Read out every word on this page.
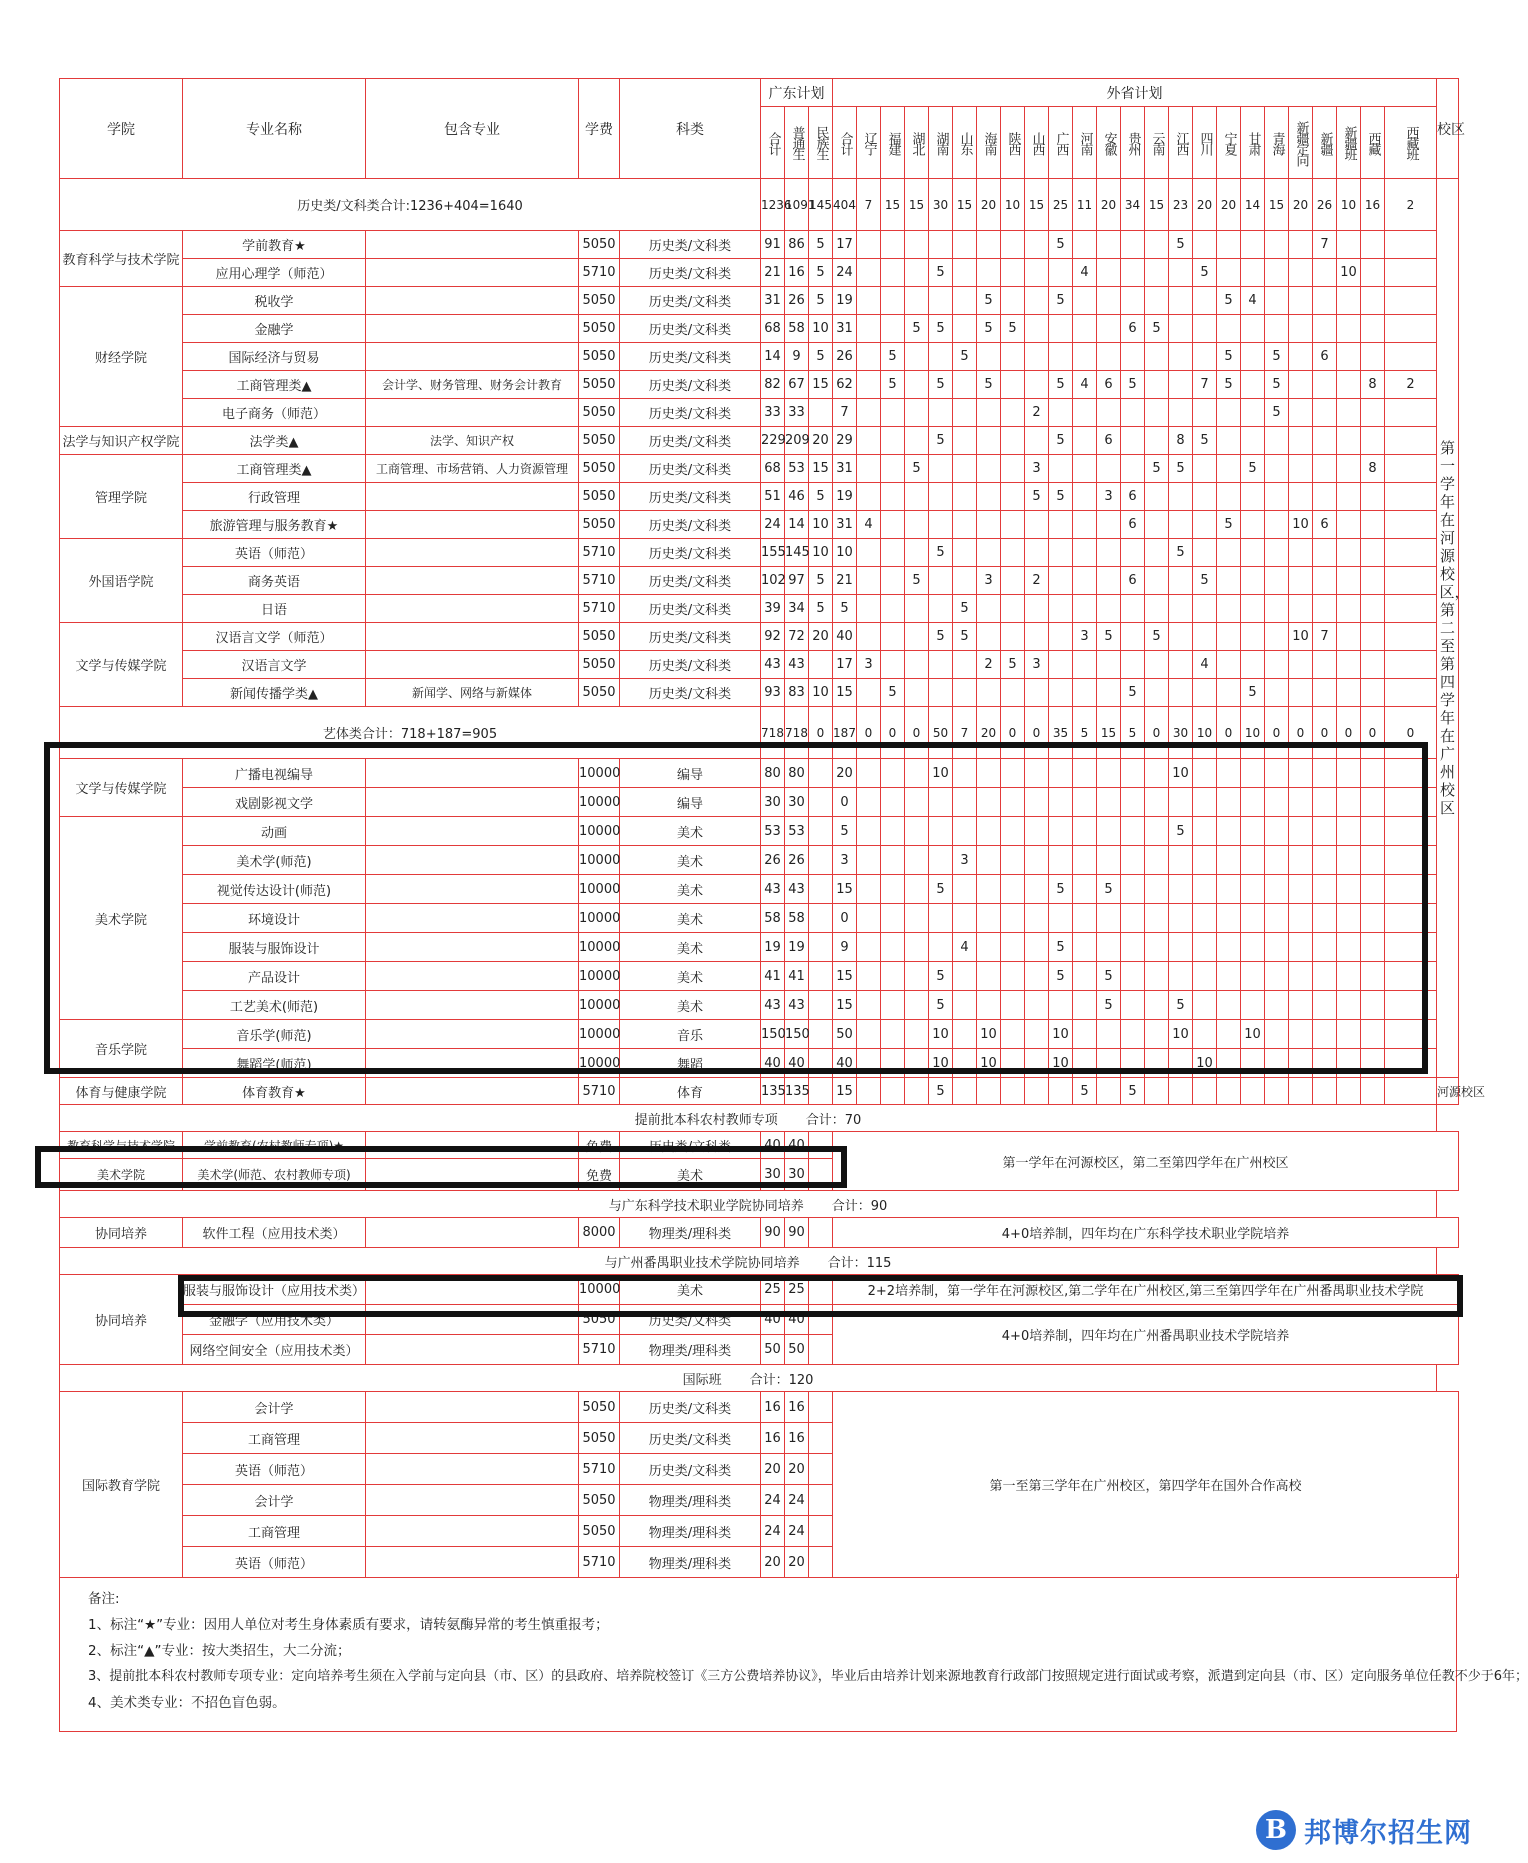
学院	专业名称	包含专业	学费	科类	广东计划			外省计划																								校区
					合计	普通生	民族生	合计	辽宁	福建	湖北	湖南	山东	海南	陕西	山西	广西	河南	安徽	贵州	云南	江西	四川	宁夏	甘肃	青海	新疆定向	新疆	新疆班	西藏	西藏班	
历史类/文科类合计:1236+404=1640					1236	1091	145	404	7	15	15	30	15	20	10	15	25	11	20	34	15	23	20	20	14	15	20	26	10	16	2	第一学年在河源校区，第二至第四学年在广州校区

教育科学与技术学院	学前教育★		5050	历史类/文科类	91	86	5	17									5					5						7				
	应用心理学（师范）		5710	历史类/文科类	21	16	5	24				5						4					5						10			
财经学院	税收学		5050	历史类/文科类	31	26	5	19						5			5							5	4							
	金融学		5050	历史类/文科类	68	58	10	31			5	5		5	5					6	5											
	国际经济与贸易		5050	历史类/文科类	14	9	5	26		5			5											5		5		6				
	工商管理类▲	会计学、财务管理、财务会计教育	5050	历史类/文科类	82	67	15	62		5		5		5			5	4	6	5			7	5		5				8	2	
	电子商务（师范）		5050	历史类/文科类	33	33		7								2										5						
法学与知识产权学院	法学类▲	法学、知识产权	5050	历史类/文科类	229	209	20	29				5					5		6			8	5									
管理学院	工商管理类▲	工商管理、市场营销、人力资源管理	5050	历史类/文科类	68	53	15	31			5					3					5	5			5					8		
	行政管理		5050	历史类/文科类	51	46	5	19								5	5		3	6												
	旅游管理与服务教育★		5050	历史类/文科类	24	14	10	31	4											6				5			10	6				
外国语学院	英语（师范）		5710	历史类/文科类	155	145	10	10				5										5										
	商务英语		5710	历史类/文科类	102	97	5	21			5			3		2				6			5									
	日语		5710	历史类/文科类	39	34	5	5					5																			
文学与传媒学院	汉语言文学（师范）		5050	历史类/文科类	92	72	20	40				5	5					3	5		5						10	7				
	汉语言文学		5050	历史类/文科类	43	43		17	3					2	5	3							4									
	新闻传播学类▲	新闻学、网络与新媒体	5050	历史类/文科类	93	83	10	15		5										5					5							
艺体类合计：718+187=905					718	718	0	187	0	0	0	50	7	20	0	0	35	5	15	5	0	30	10	0	10	0	0	0	0	0	0	
文学与传媒学院	广播电视编导		10000	编导	80	80		20				10										10										
	戏剧影视文学		10000	编导	30	30		0																								
美术学院	动画		10000	美术	53	53		5														5										
	美术学(师范)		10000	美术	26	26		3					3																			
	视觉传达设计(师范)		10000	美术	43	43		15				5					5		5													
	环境设计		10000	美术	58	58		0																								
	服装与服饰设计		10000	美术	19	19		9					4				5															
	产品设计		10000	美术	41	41		15				5					5		5													
	工艺美术(师范)		10000	美术	43	43		15				5							5			5										
音乐学院	音乐学(师范)		10000	音乐	150	150		50				10		10			10					10			10							
	舞蹈学(师范)		10000	舞蹈	40	40		40				10		10			10						10									
体育与健康学院	体育教育★		5710	体育	135	135		15				5						5		5												河源校区
提前批本科农村教师专项 合计：70																																
教育科学与技术学院	学前教育(农村教师专项)★		免费	历史类/文科类	40	40		第一学年在河源校区，第二至第四学年在广州校区																								
美术学院	美术学(师范、农村教师专项)		免费	美术	30	30																										
与广东科学技术职业学院协同培养 合计：90																																
协同培养	软件工程（应用技术类）		8000	物理类/理科类	90	90		4+0培养制，四年均在广东科学技术职业学院培养																								
与广州番禺职业技术学院协同培养 合计：115																																
协同培养	服装与服饰设计（应用技术类）		10000	美术	25	25		2+2培养制，第一学年在河源校区,第二学年在广州校区,第三至第四学年在广州番禺职业技术学院																								
	金融学（应用技术类）		5050	历史类/文科类	40	40		4+0培养制，四年均在广州番禺职业技术学院培养																								
	网络空间安全（应用技术类）		5710	物理类/理科类	50	50																										
国际班 合计：120																																
国际教育学院	会计学		5050	历史类/文科类	16	16		第一至第三学年在广州校区，第四学年在国外合作高校																								
	工商管理		5050	历史类/文科类	16	16																										
	英语（师范）		5710	历史类/文科类	20	20																										
	会计学		5050	物理类/理科类	24	24																										
	工商管理		5050	物理类/理科类	24	24																										
	英语（师范）		5710	物理类/理科类	20	20																										
备注:
1、标注“★”专业：因用人单位对考生身体素质有要求，请转氨酶异常的考生慎重报考；
2、标注“▲”专业：按大类招生，大二分流；
3、提前批本科农村教师专项专业：定向培养考生须在入学前与定向县（市、区）的县政府、培养院校签订《三方公费培养协议》，毕业后由培养计划来源地教育行政部门按照规定进行面试或考察，派遣到定向县（市、区）定向服务单位任教不少于6年；
4、美术类专业：不招色盲色弱。
B 邦博尔招生网
